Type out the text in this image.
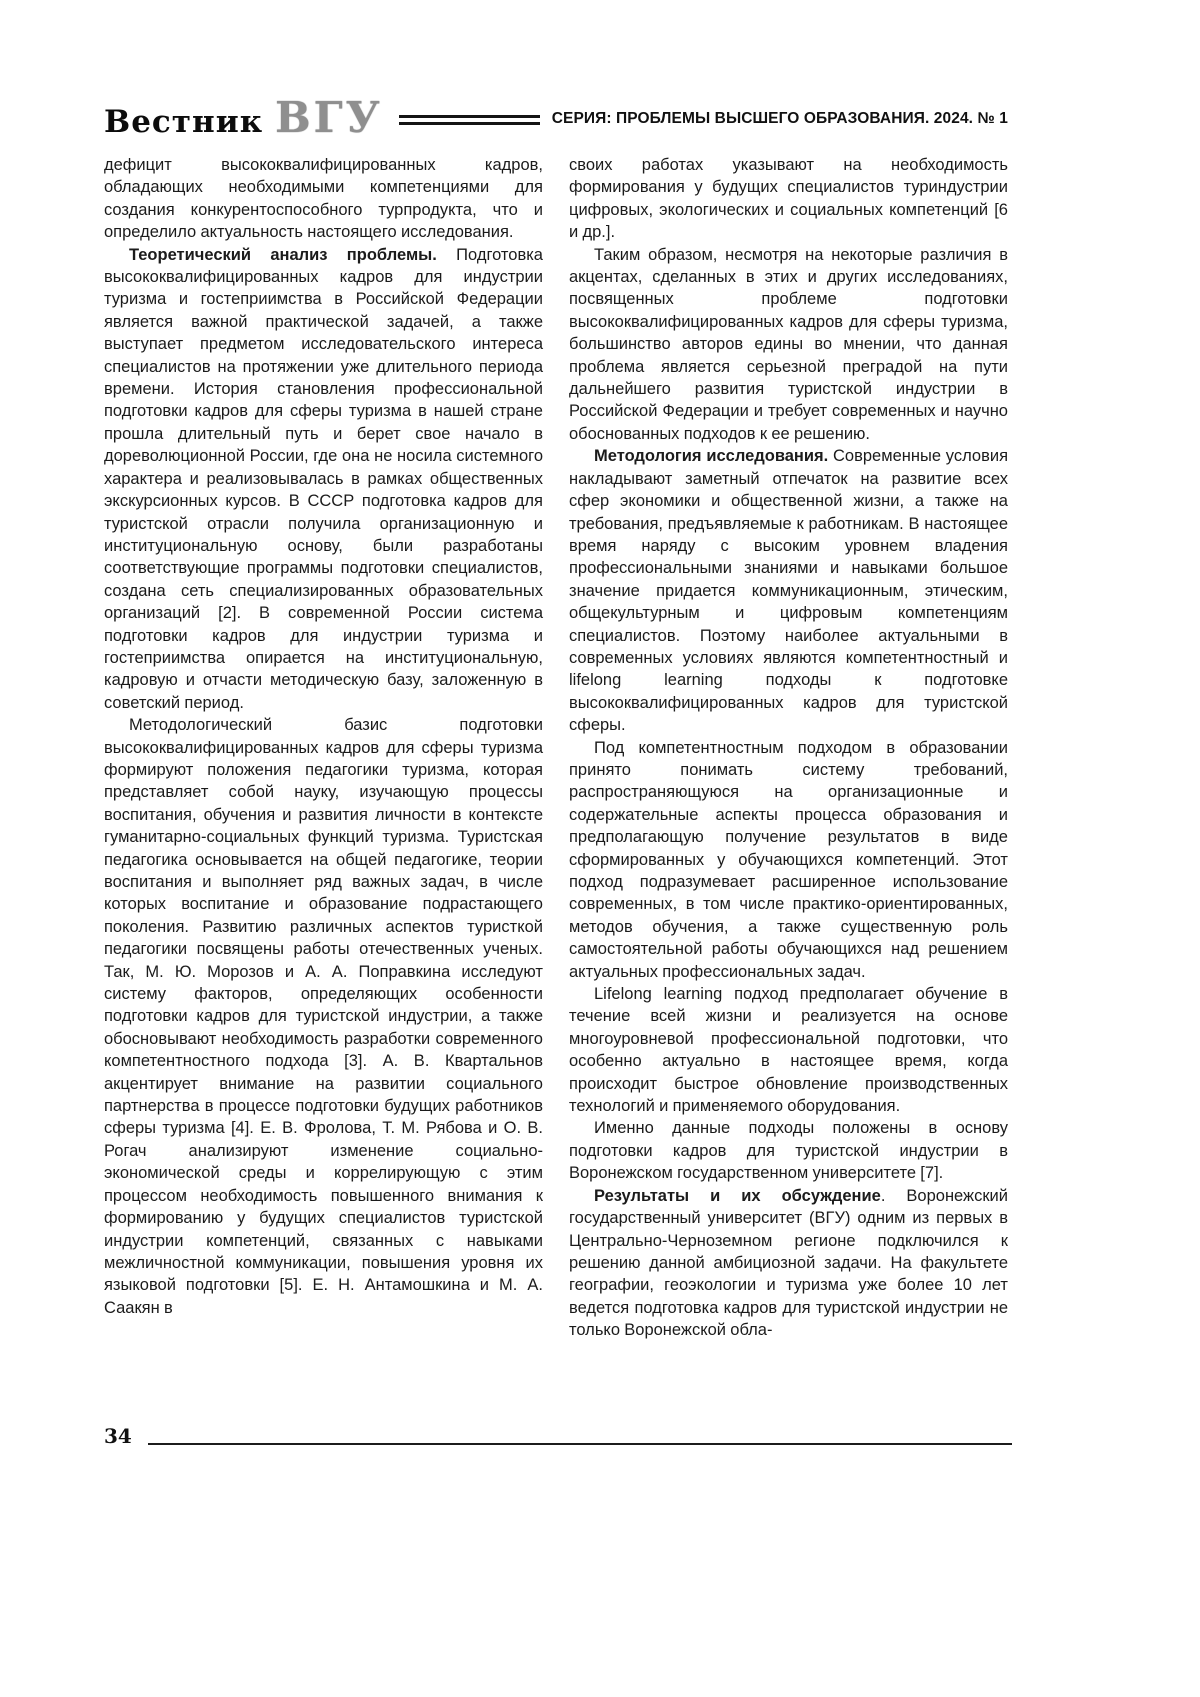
Вестник ВГУ	СЕРИЯ: ПРОБЛЕМЫ ВЫСШЕГО ОБРАЗОВАНИЯ. 2024. № 1

дефицит высококвалифицированных кадров, обладающих необходимыми компетенциями для создания конкурентоспособного турпродукта, что и определило актуальность настоящего исследования.

Теоретический анализ проблемы. Подготовка высококвалифицированных кадров для индустрии туризма и гостеприимства в Российской Федерации является важной практической задачей, а также выступает предметом исследовательского интереса специалистов на протяжении уже длительного периода времени. История становления профессиональной подготовки кадров для сферы туризма в нашей стране прошла длительный путь и берет свое начало в дореволюционной России, где она не носила системного характера и реализовывалась в рамках общественных экскурсионных курсов. В СССР подготовка кадров для туристской отрасли получила организационную и институциональную основу, были разработаны соответствующие программы подготовки специалистов, создана сеть специализированных образовательных организаций [2]. В современной России система подготовки кадров для индустрии туризма и гостеприимства опирается на институциональную, кадровую и отчасти методическую базу, заложенную в советский период.

Методологический базис подготовки высококвалифицированных кадров для сферы туризма формируют положения педагогики туризма, которая представляет собой науку, изучающую процессы воспитания, обучения и развития личности в контексте гуманитарно-социальных функций туризма. Туристская педагогика основывается на общей педагогике, теории воспитания и выполняет ряд важных задач, в числе которых воспитание и образование подрастающего поколения. Развитию различных аспектов туристкой педагогики посвящены работы отечественных ученых. Так, М. Ю. Морозов и А. А. Поправкина исследуют систему факторов, определяющих особенности подготовки кадров для туристской индустрии, а также обосновывают необходимость разработки современного компетентностного подхода [3]. А. В. Квартальнов акцентирует внимание на развитии социального партнерства в процессе подготовки будущих работников сферы туризма [4]. Е. В. Фролова, Т. М. Рябова и О. В. Рогач анализируют изменение социально-экономической среды и коррелирующую с этим процессом необходимость повышенного внимания к формированию у будущих специалистов туристской индустрии компетенций, связанных с навыками межличностной коммуникации, повышения уровня их языковой подготовки [5]. Е. Н. Антамошкина и М. А. Саакян в

своих работах указывают на необходимость формирования у будущих специалистов туриндустрии цифровых, экологических и социальных компетенций [6 и др.].

Таким образом, несмотря на некоторые различия в акцентах, сделанных в этих и других исследованиях, посвященных проблеме подготовки высококвалифицированных кадров для сферы туризма, большинство авторов едины во мнении, что данная проблема является серьезной преградой на пути дальнейшего развития туристской индустрии в Российской Федерации и требует современных и научно обоснованных подходов к ее решению.

Методология исследования. Современные условия накладывают заметный отпечаток на развитие всех сфер экономики и общественной жизни, а также на требования, предъявляемые к работникам. В настоящее время наряду с высоким уровнем владения профессиональными знаниями и навыками большое значение придается коммуникационным, этическим, общекультурным и цифровым компетенциям специалистов. Поэтому наиболее актуальными в современных условиях являются компетентностный и lifelong learning подходы к подготовке высококвалифицированных кадров для туристской сферы.

Под компетентностным подходом в образовании принято понимать систему требований, распространяющуюся на организационные и содержательные аспекты процесса образования и предполагающую получение результатов в виде сформированных у обучающихся компетенций. Этот подход подразумевает расширенное использование современных, в том числе практико-ориентированных, методов обучения, а также существенную роль самостоятельной работы обучающихся над решением актуальных профессиональных задач.

Lifelong learning подход предполагает обучение в течение всей жизни и реализуется на основе многоуровневой профессиональной подготовки, что особенно актуально в настоящее время, когда происходит быстрое обновление производственных технологий и применяемого оборудования.

Именно данные подходы положены в основу подготовки кадров для туристской индустрии в Воронежском государственном университете [7].

Результаты и их обсуждение. Воронежский государственный университет (ВГУ) одним из первых в Центрально-Черноземном регионе подключился к решению данной амбициозной задачи. На факультете географии, геоэкологии и туризма уже более 10 лет ведется подготовка кадров для туристской индустрии не только Воронежской обла-

34
